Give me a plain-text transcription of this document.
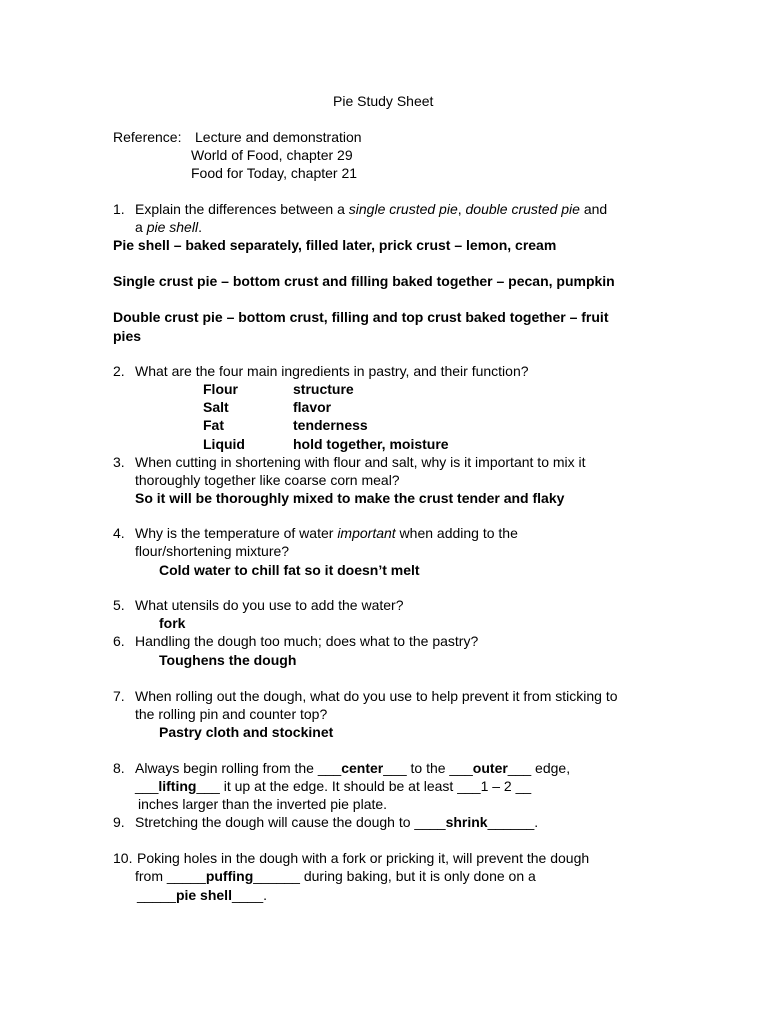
Pie Study Sheet
Reference: Lecture and demonstration
World of Food, chapter 29
Food for Today, chapter 21
1. Explain the differences between a single crusted pie, double crusted pie and
a pie shell.
Pie shell – baked separately, filled later, prick crust – lemon, cream
Single crust pie – bottom crust and filling baked together – pecan, pumpkin
Double crust pie – bottom crust, filling and top crust baked together – fruit
pies
2. What are the four main ingredients in pastry, and their function?
Flour	structure
Salt	flavor
Fat	tenderness
Liquid	hold together, moisture
3. When cutting in shortening with flour and salt, why is it important to mix it
thoroughly together like coarse corn meal?
So it will be thoroughly mixed to make the crust tender and flaky
4. Why is the temperature of water important when adding to the
flour/shortening mixture?
Cold water to chill fat so it doesn’t melt
5. What utensils do you use to add the water?
fork
6. Handling the dough too much; does what to the pastry?
Toughens the dough
7. When rolling out the dough, what do you use to help prevent it from sticking to
the rolling pin and counter top?
Pastry cloth and stockinet
8. Always begin rolling from the ___center___ to the ___outer___ edge,
___lifting___ it up at the edge. It should be at least ___1 – 2 __
inches larger than the inverted pie plate.
9. Stretching the dough will cause the dough to ____shrink______.
10. Poking holes in the dough with a fork or pricking it, will prevent the dough
from _____puffing______ during baking, but it is only done on a
_____pie shell____.
